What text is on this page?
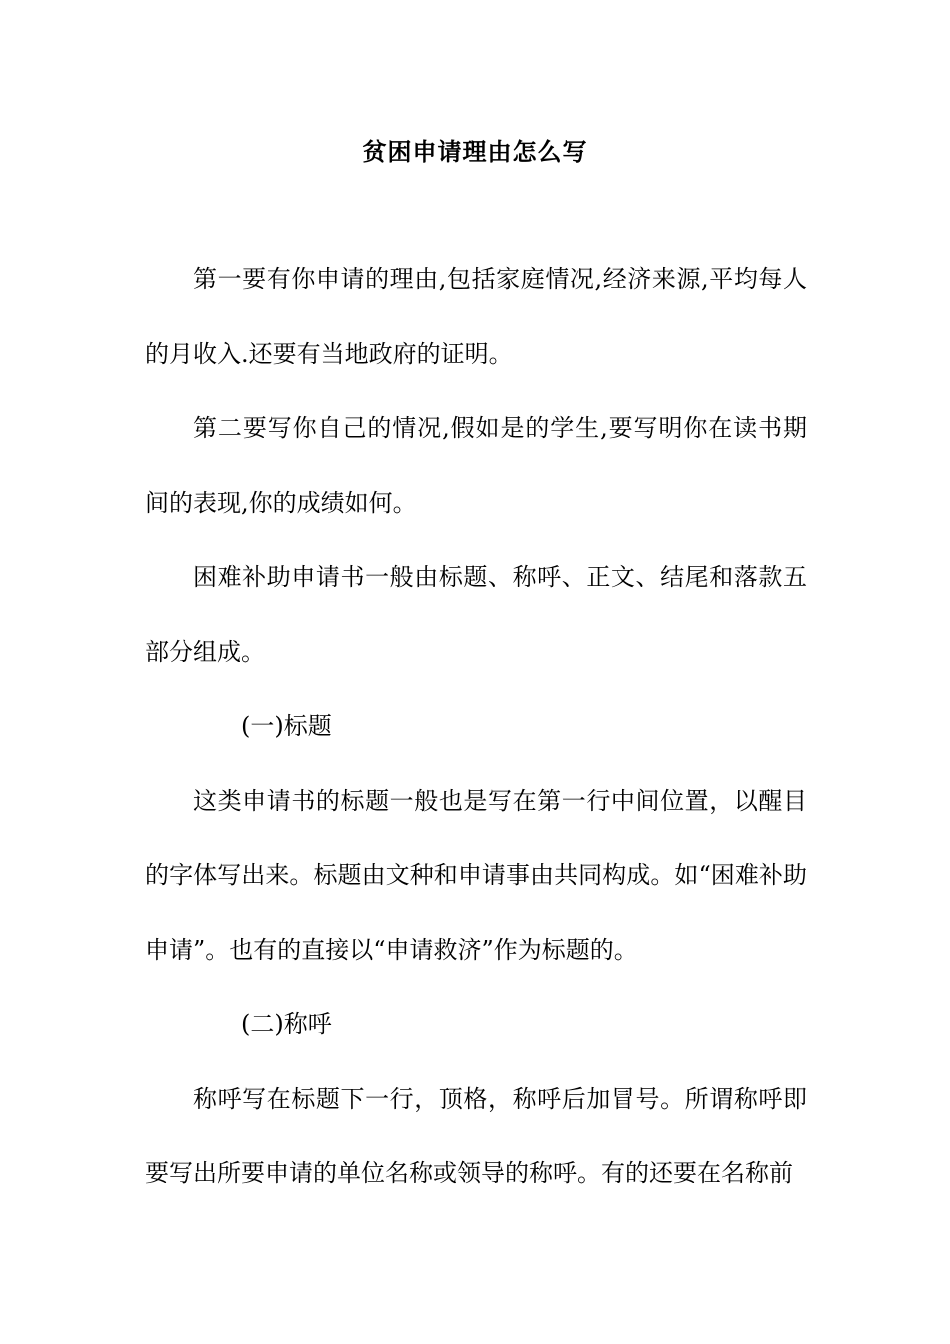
贫困申请理由怎么写

第一要有你申请的理由,包括家庭情况,经济来源,平均每人的月收入.还要有当地政府的证明。

第二要写你自己的情况,假如是的学生,要写明你在读书期间的表现,你的成绩如何。

困难补助申请书一般由标题、称呼、正文、结尾和落款五部分组成。

(一)标题

这类申请书的标题一般也是写在第一行中间位置，以醒目的字体写出来。标题由文种和申请事由共同构成。如“困难补助申请”。也有的直接以“申请救济”作为标题的。

(二)称呼

称呼写在标题下一行，顶格，称呼后加冒号。所谓称呼即要写出所要申请的单位名称或领导的称呼。有的还要在名称前
